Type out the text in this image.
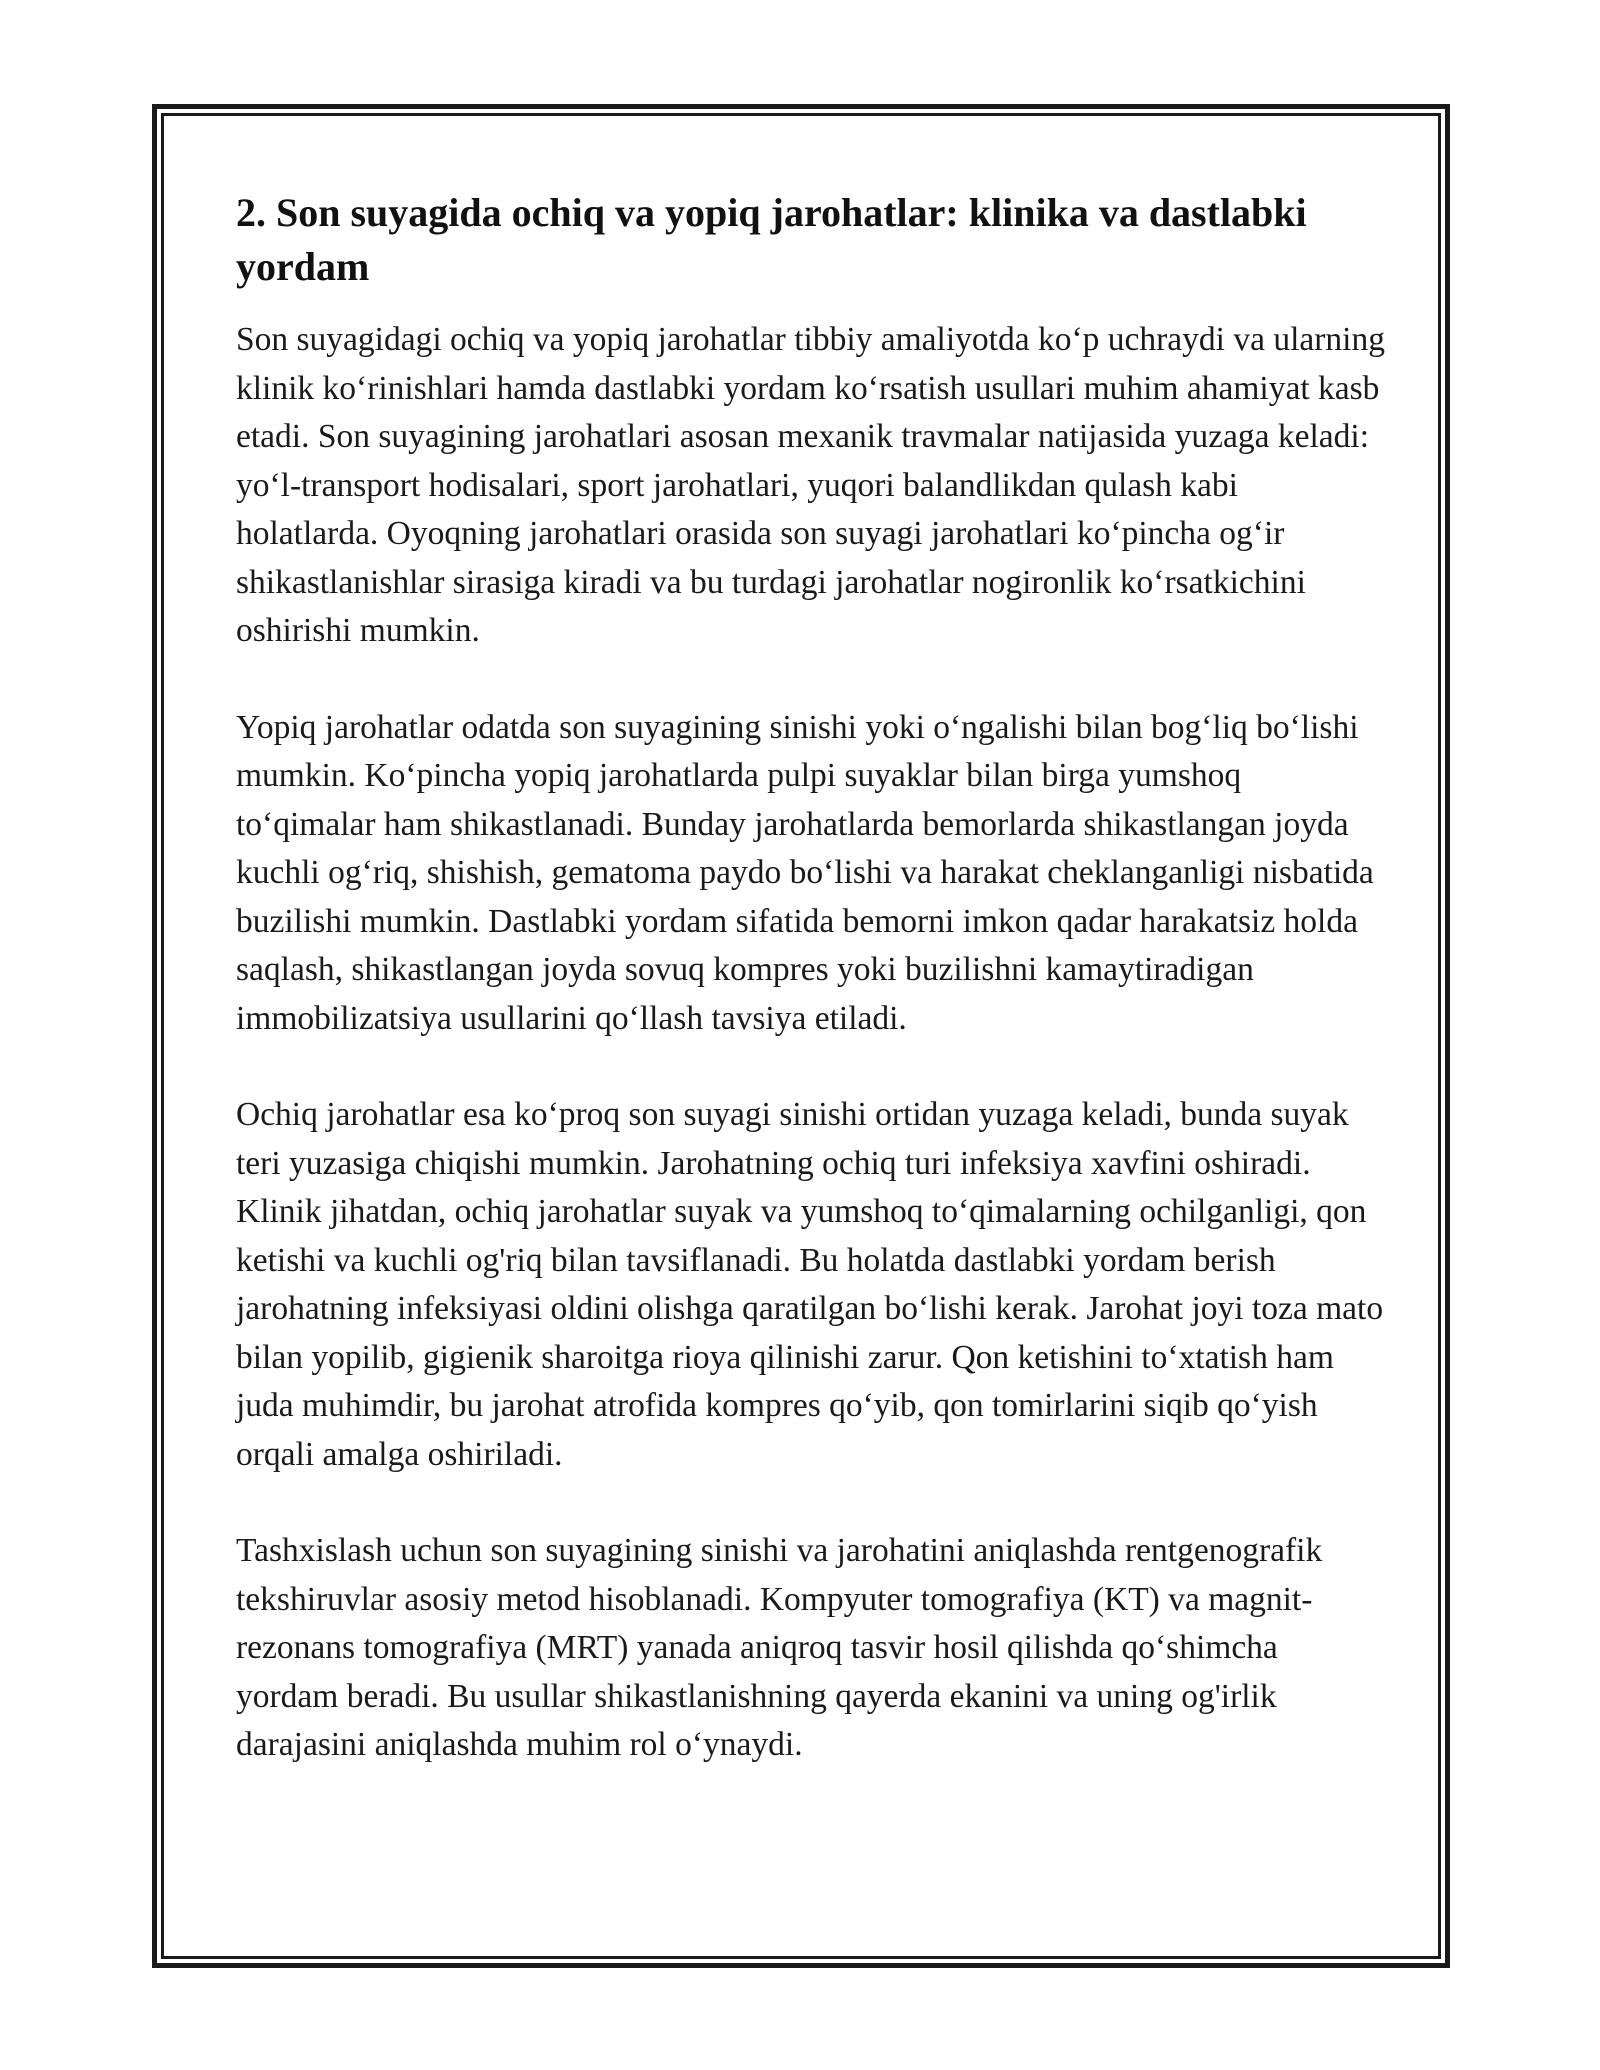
2. Son suyagida ochiq va yopiq jarohatlar: klinika va dastlabki yordam

Son suyagidagi ochiq va yopiq jarohatlar tibbiy amaliyotda ko‘p uchraydi va ularning klinik ko‘rinishlari hamda dastlabki yordam ko‘rsatish usullari muhim ahamiyat kasb etadi. Son suyagining jarohatlari asosan mexanik travmalar natijasida yuzaga keladi: yo‘l-transport hodisalari, sport jarohatlari, yuqori balandlikdan qulash kabi holatlarda. Oyoqning jarohatlari orasida son suyagi jarohatlari ko‘pincha og‘ir shikastlanishlar sirasiga kiradi va bu turdagi jarohatlar nogironlik ko‘rsatkichini oshirishi mumkin.

Yopiq jarohatlar odatda son suyagining sinishi yoki o‘ngalishi bilan bog‘liq bo‘lishi mumkin. Ko‘pincha yopiq jarohatlarda pulpi suyaklar bilan birga yumshoq to‘qimalar ham shikastlanadi. Bunday jarohatlarda bemorlarda shikastlangan joyda kuchli og‘riq, shishish, gematoma paydo bo‘lishi va harakat cheklanganligi nisbatida buzilishi mumkin. Dastlabki yordam sifatida bemorni imkon qadar harakatsiz holda saqlash, shikastlangan joyda sovuq kompres yoki buzilishni kamaytiradigan immobilizatsiya usullarini qo‘llash tavsiya etiladi.

Ochiq jarohatlar esa ko‘proq son suyagi sinishi ortidan yuzaga keladi, bunda suyak teri yuzasiga chiqishi mumkin. Jarohatning ochiq turi infeksiya xavfini oshiradi. Klinik jihatdan, ochiq jarohatlar suyak va yumshoq to‘qimalarning ochilganligi, qon ketishi va kuchli og'riq bilan tavsiflanadi. Bu holatda dastlabki yordam berish jarohatning infeksiyasi oldini olishga qaratilgan bo‘lishi kerak. Jarohat joyi toza mato bilan yopilib, gigienik sharoitga rioya qilinishi zarur. Qon ketishini to‘xtatish ham juda muhimdir, bu jarohat atrofida kompres qo‘yib, qon tomirlarini siqib qo‘yish orqali amalga oshiriladi.

Tashxislash uchun son suyagining sinishi va jarohatini aniqlashda rentgenografik tekshiruvlar asosiy metod hisoblanadi. Kompyuter tomografiya (KT) va magnit-rezonans tomografiya (MRT) yanada aniqroq tasvir hosil qilishda qo‘shimcha yordam beradi. Bu usullar shikastlanishning qayerda ekanini va uning og'irlik darajasini aniqlashda muhim rol o‘ynaydi.
